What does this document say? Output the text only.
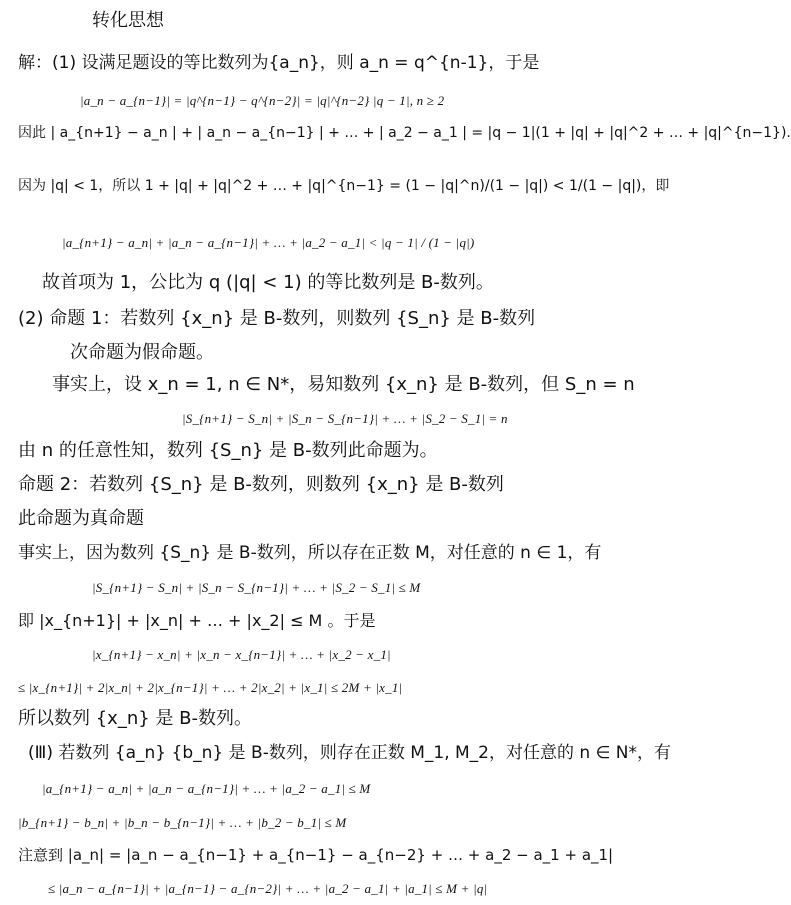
转化思想
解：(1) 设满足题设的等比数列为{a_n}，则 a_n = q^{n-1}，于是
|a_n − a_{n−1}| = |q^{n−1} − q^{n−2}| = |q|^{n−2} |q − 1|, n ≥ 2
因此 | a_{n+1} − a_n | + | a_n − a_{n−1} | + … + | a_2 − a_1 | = |q − 1|(1 + |q| + |q|^2 + … + |q|^{n−1}).
因为 |q| < 1，所以 1 + |q| + |q|^2 + … + |q|^{n−1} = (1 − |q|^n)/(1 − |q|) < 1/(1 − |q|)，即
|a_{n+1} − a_n| + |a_n − a_{n−1}| + … + |a_2 − a_1| < |q − 1| / (1 − |q|)
故首项为 1，公比为 q (|q| < 1) 的等比数列是 B-数列。
(2) 命题 1：若数列 {x_n} 是 B-数列，则数列 {S_n} 是 B-数列
次命题为假命题。
事实上，设 x_n = 1, n ∈ N*，易知数列 {x_n} 是 B-数列，但 S_n = n
|S_{n+1} − S_n| + |S_n − S_{n−1}| + … + |S_2 − S_1| = n
由 n 的任意性知，数列 {S_n} 是 B-数列此命题为。
命题 2：若数列 {S_n} 是 B-数列，则数列 {x_n} 是 B-数列
此命题为真命题
事实上，因为数列 {S_n} 是 B-数列，所以存在正数 M，对任意的 n ∈ 1，有
|S_{n+1} − S_n| + |S_n − S_{n−1}| + … + |S_2 − S_1| ≤ M
即 |x_{n+1}| + |x_n| + … + |x_2| ≤ M 。于是
|x_{n+1} − x_n| + |x_n − x_{n−1}| + … + |x_2 − x_1|
≤ |x_{n+1}| + 2|x_n| + 2|x_{n−1}| + … + 2|x_2| + |x_1| ≤ 2M + |x_1|
所以数列 {x_n} 是 B-数列。
(Ⅲ) 若数列 {a_n} {b_n} 是 B-数列，则存在正数 M_1, M_2，对任意的 n ∈ N*，有
|a_{n+1} − a_n| + |a_n − a_{n−1}| + … + |a_2 − a_1| ≤ M
|b_{n+1} − b_n| + |b_n − b_{n−1}| + … + |b_2 − b_1| ≤ M
注意到 |a_n| = |a_n − a_{n−1} + a_{n−1} − a_{n−2} + … + a_2 − a_1 + a_1|
≤ |a_n − a_{n−1}| + |a_{n−1} − a_{n−2}| + … + |a_2 − a_1| + |a_1| ≤ M + |q|
